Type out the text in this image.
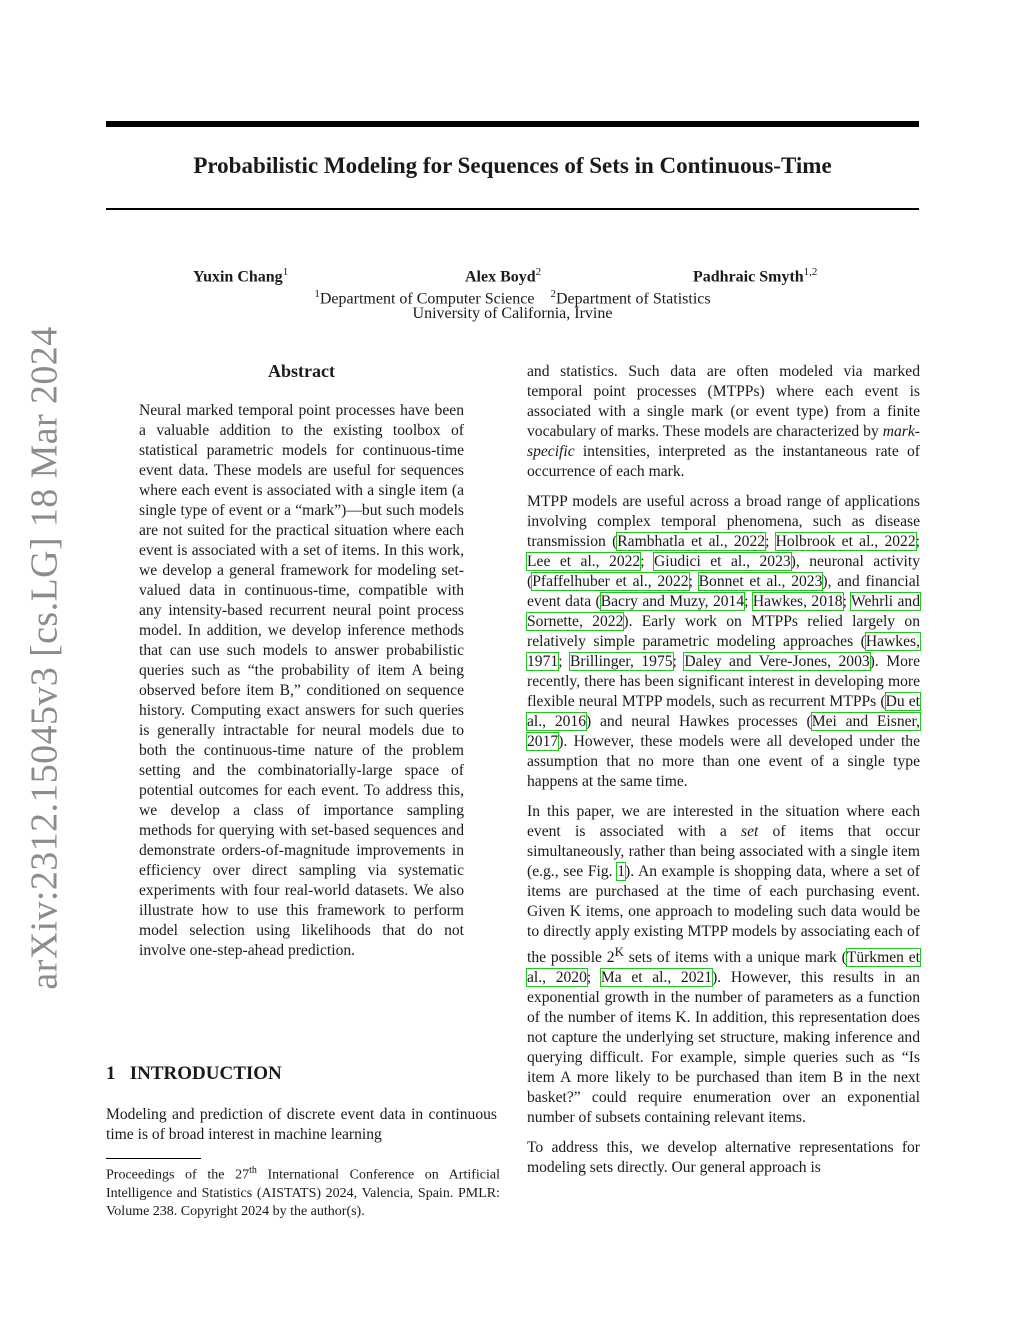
arXiv:2312.15045v3 [cs.LG] 18 Mar 2024
Probabilistic Modeling for Sequences of Sets in Continuous-Time
Yuxin Chang$^1$	Alex Boyd$^2$	Padhraic Smyth$^{1,2}$
$^1$Department of Computer Science $^2$Department of Statistics
University of California, Irvine
Abstract

Neural marked temporal point processes have been a valuable addition to the existing toolbox of statistical parametric models for continuous-time event data. These models are useful for sequences where each event is associated with a single item (a single type of event or a “mark”)—but such models are not suited for the practical situation where each event is associated with a set of items. In this work, we develop a general framework for modeling set-valued data in continuous-time, compatible with any intensity-based recurrent neural point process model. In addition, we develop inference methods that can use such models to answer probabilistic queries such as “the probability of item A being observed before item B,” conditioned on sequence history. Computing exact answers for such queries is generally intractable for neural models due to both the continuous-time nature of the problem setting and the combinatorially-large space of potential outcomes for each event. To address this, we develop a class of importance sampling methods for querying with set-based sequences and demonstrate orders-of-magnitude improvements in efficiency over direct sampling via systematic experiments with four real-world datasets. We also illustrate how to use this framework to perform model selection using likelihoods that do not involve one-step-ahead prediction.

1 INTRODUCTION

Modeling and prediction of discrete event data in continuous time is of broad interest in machine learning

Proceedings of the 27th International Conference on Artificial Intelligence and Statistics (AISTATS) 2024, Valencia, Spain. PMLR: Volume 238. Copyright 2024 by the author(s).

and statistics. Such data are often modeled via marked temporal point processes (MTPPs) where each event is associated with a single mark (or event type) from a finite vocabulary of marks. These models are characterized by mark-specific intensities, interpreted as the instantaneous rate of occurrence of each mark.

MTPP models are useful across a broad range of applications involving complex temporal phenomena, such as disease transmission (Rambhatla et al., 2022; Holbrook et al., 2022; Lee et al., 2022; Giudici et al., 2023), neuronal activity (Pfaffelhuber et al., 2022; Bonnet et al., 2023), and financial event data (Bacry and Muzy, 2014; Hawkes, 2018; Wehrli and Sornette, 2022). Early work on MTPPs relied largely on relatively simple parametric modeling approaches (Hawkes, 1971; Brillinger, 1975; Daley and Vere-Jones, 2003). More recently, there has been significant interest in developing more flexible neural MTPP models, such as recurrent MTPPs (Du et al., 2016) and neural Hawkes processes (Mei and Eisner, 2017). However, these models were all developed under the assumption that no more than one event of a single type happens at the same time.

In this paper, we are interested in the situation where each event is associated with a set of items that occur simultaneously, rather than being associated with a single item (e.g., see Fig. 1). An example is shopping data, where a set of items are purchased at the time of each purchasing event. Given K items, one approach to modeling such data would be to directly apply existing MTPP models by associating each of the possible $2^K$ sets of items with a unique mark (Türkmen et al., 2020; Ma et al., 2021). However, this results in an exponential growth in the number of parameters as a function of the number of items K. In addition, this representation does not capture the underlying set structure, making inference and querying difficult. For example, simple queries such as “Is item A more likely to be purchased than item B in the next basket?” could require enumeration over an exponential number of subsets containing relevant items.

To address this, we develop alternative representations for modeling sets directly. Our general approach is
